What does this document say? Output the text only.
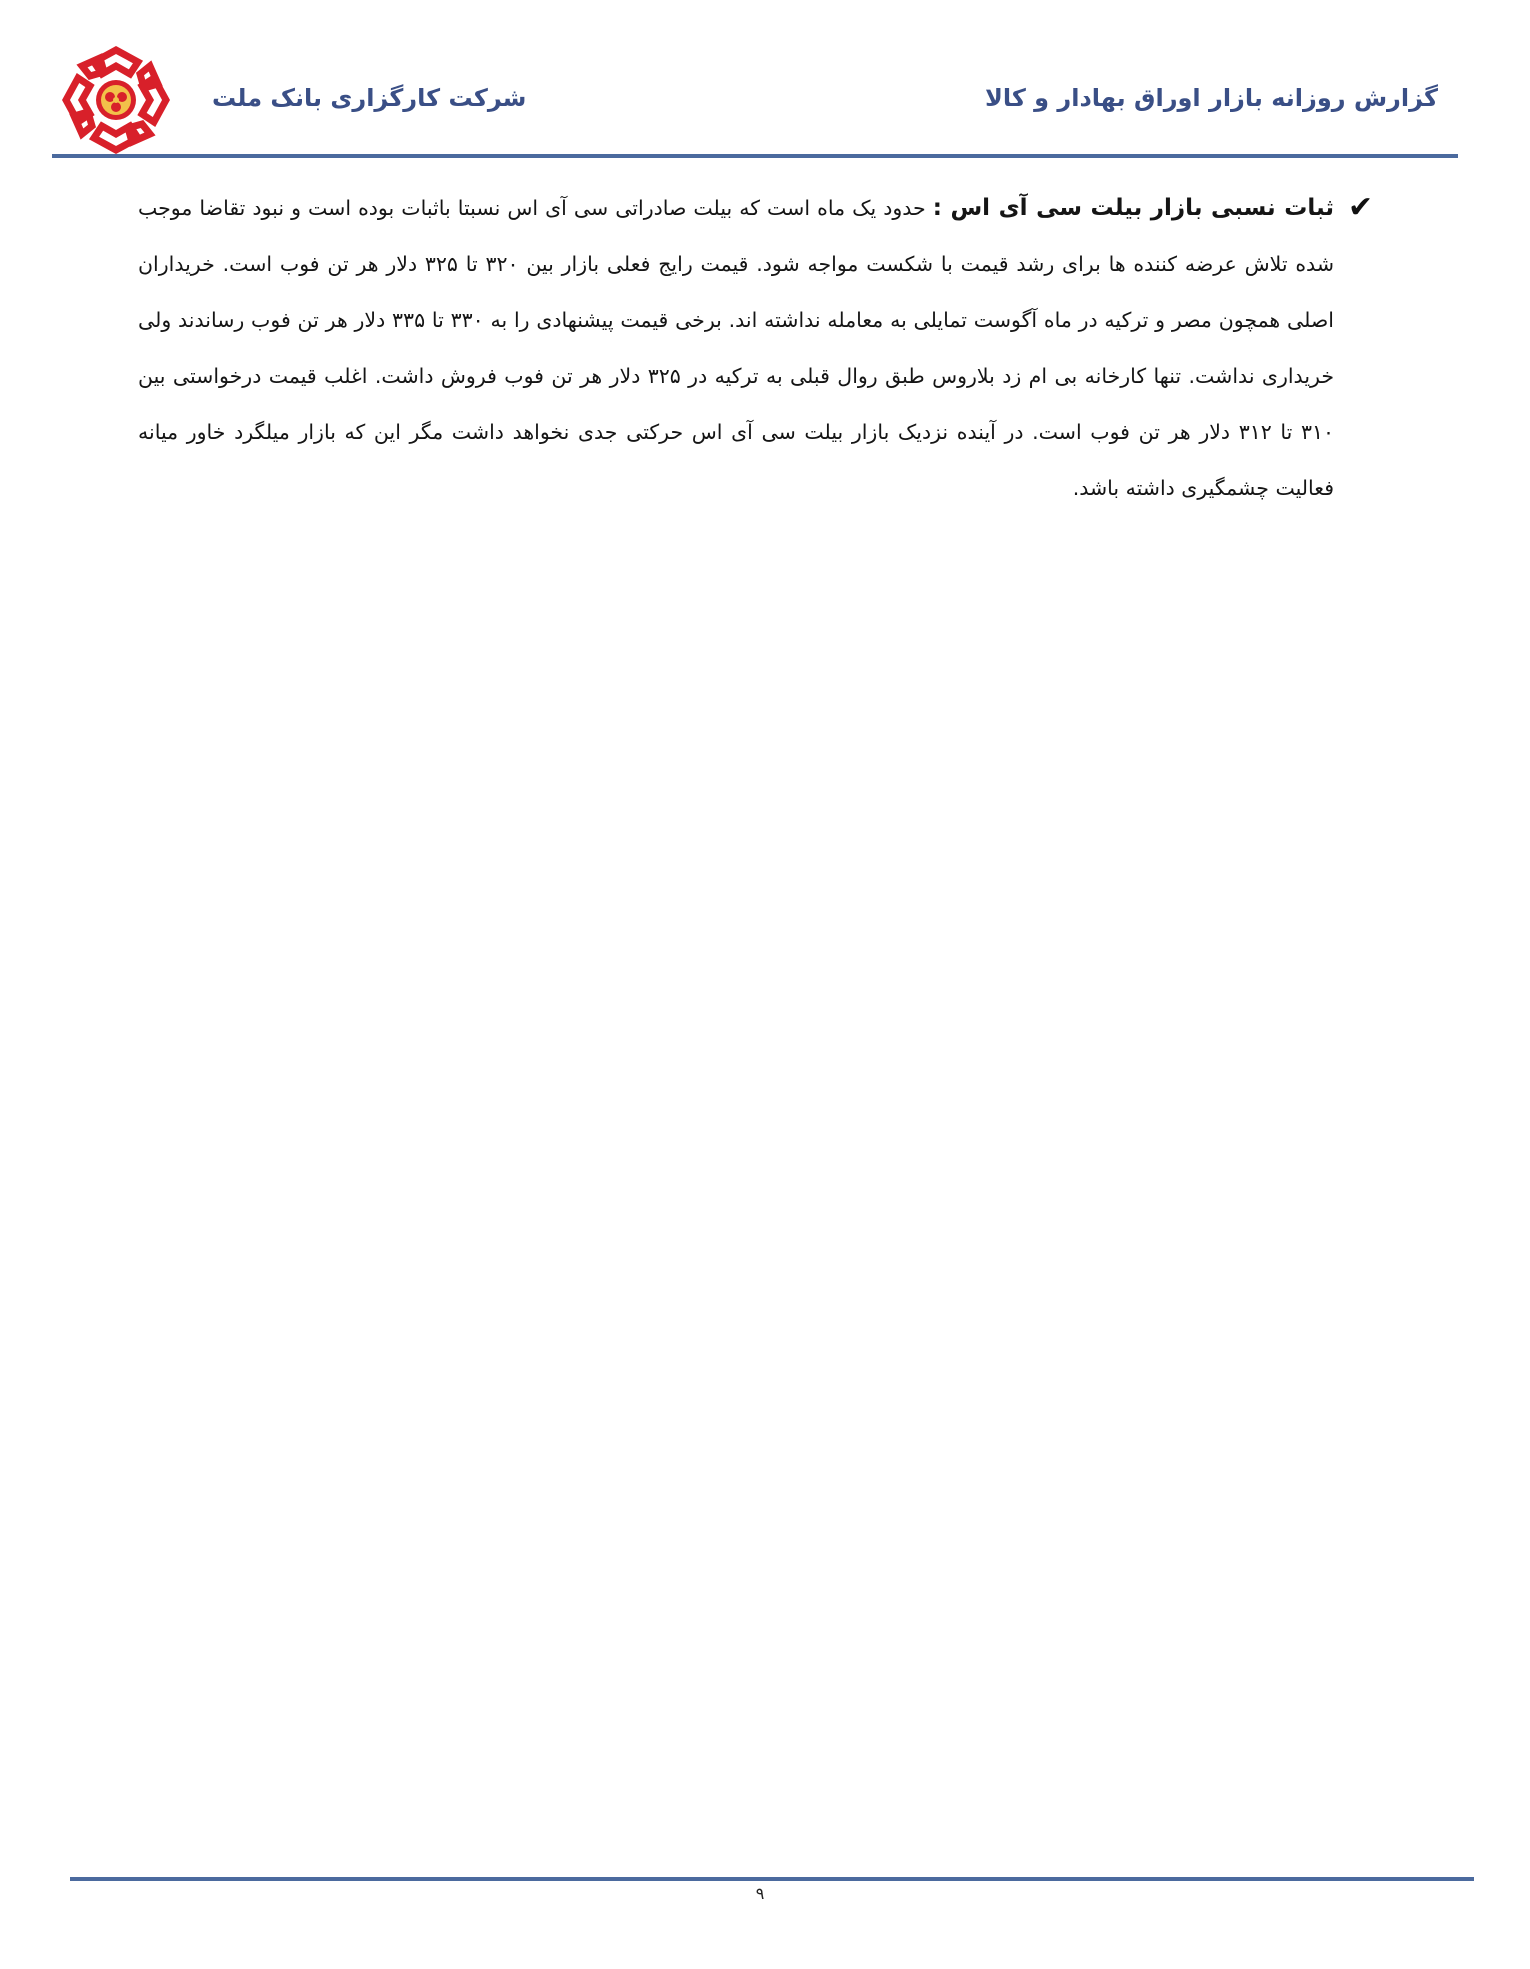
شرکت کارگزاری بانک ملت	گزارش روزانه بازار اوراق بهادار و کالا
✔
ثبات نسبی بازار بیلت سی آی اس : حدود یک ماه است که بیلت صادراتی سی آی اس نسبتا باثبات بوده است و نبود تقاضا موجب شده تلاش عرضه کننده ها برای رشد قیمت با شکست مواجه شود. قیمت رایج فعلی بازار بین ۳۲۰ تا ۳۲۵ دلار هر تن فوب است. خریداران اصلی همچون مصر و ترکیه در ماه آگوست تمایلی به معامله نداشته اند. برخی قیمت پیشنهادی را به ۳۳۰ تا ۳۳۵ دلار هر تن فوب رساندند ولی خریداری نداشت. تنها کارخانه بی ام زد بلاروس طبق روال قبلی به ترکیه در ۳۲۵ دلار هر تن فوب فروش داشت. اغلب قیمت درخواستی بین ۳۱۰ تا ۳۱۲ دلار هر تن فوب است. در آینده نزدیک بازار بیلت سی آی اس حرکتی جدی نخواهد داشت مگر این که بازار میلگرد خاور میانه فعالیت چشمگیری داشته باشد.
۹
